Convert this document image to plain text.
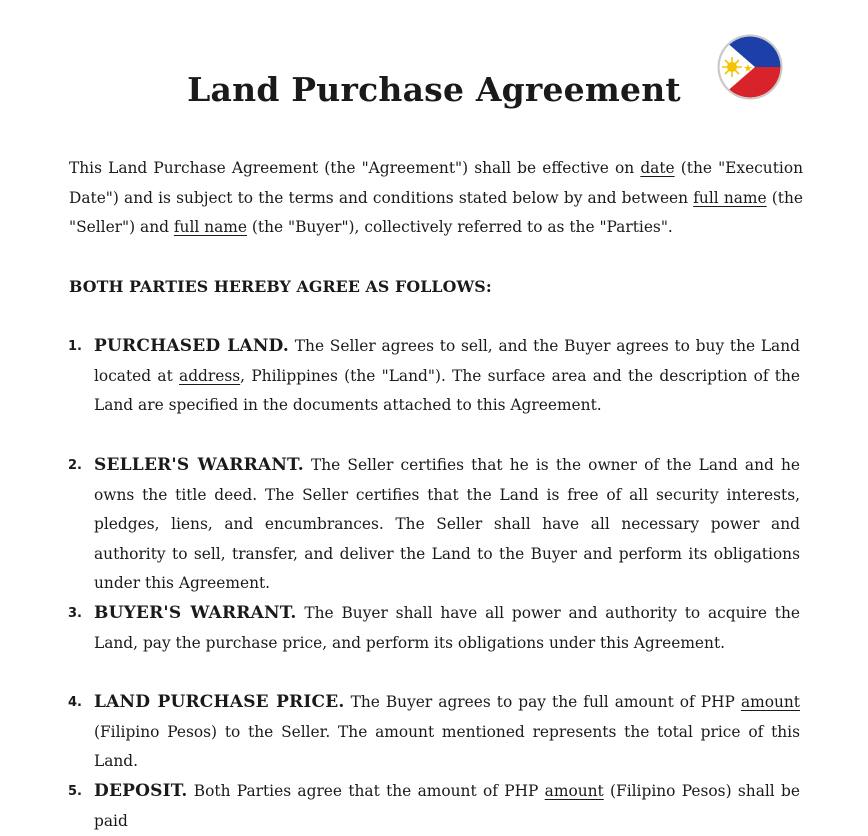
Land Purchase Agreement

This Land Purchase Agreement (the "Agreement") shall be effective on date (the "Execution Date") and is subject to the terms and conditions stated below by and between full name (the "Seller") and full name (the "Buyer"), collectively referred to as the "Parties".

BOTH PARTIES HEREBY AGREE AS FOLLOWS:

1. PURCHASED LAND. The Seller agrees to sell, and the Buyer agrees to buy the Land located at address, Philippines (the "Land"). The surface area and the description of the Land are specified in the documents attached to this Agreement.

2. SELLER'S WARRANT. The Seller certifies that he is the owner of the Land and he owns the title deed. The Seller certifies that the Land is free of all security interests, pledges, liens, and encumbrances. The Seller shall have all necessary power and authority to sell, transfer, and deliver the Land to the Buyer and perform its obligations under this Agreement.

3. BUYER'S WARRANT. The Buyer shall have all power and authority to acquire the Land, pay the purchase price, and perform its obligations under this Agreement.

4. LAND PURCHASE PRICE. The Buyer agrees to pay the full amount of PHP amount (Filipino Pesos) to the Seller. The amount mentioned represents the total price of this Land.

5. DEPOSIT. Both Parties agree that the amount of PHP amount (Filipino Pesos) shall be paid
